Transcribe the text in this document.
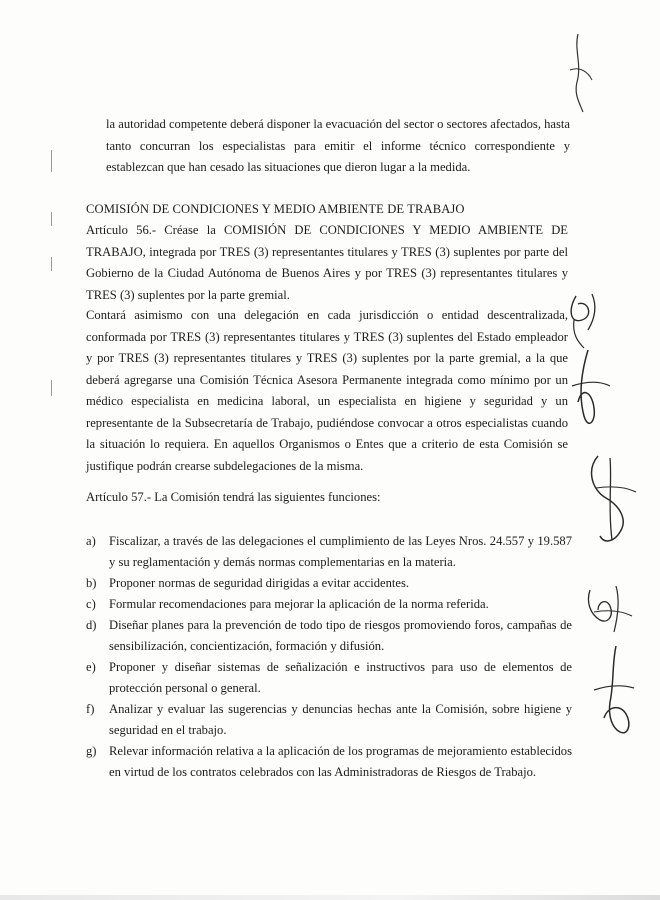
la autoridad competente deberá disponer la evacuación del sector o sectores afectados, hasta tanto concurran los especialistas para emitir el informe técnico correspondiente y establezcan que han cesado las situaciones que dieron lugar a la medida.

COMISIÓN DE CONDICIONES Y MEDIO AMBIENTE DE TRABAJO

Artículo 56.- Créase la COMISIÓN DE CONDICIONES Y MEDIO AMBIENTE DE TRABAJO, integrada por TRES (3) representantes titulares y TRES (3) suplentes por parte del Gobierno de la Ciudad Autónoma de Buenos Aires y por TRES (3) representantes titulares y TRES (3) suplentes por la parte gremial.

Contará asimismo con una delegación en cada jurisdicción o entidad descentralizada, conformada por TRES (3) representantes titulares y TRES (3) suplentes del Estado empleador y por TRES (3) representantes titulares y TRES (3) suplentes por la parte gremial, a la que deberá agregarse una Comisión Técnica Asesora Permanente integrada como mínimo por un médico especialista en medicina laboral, un especialista en higiene y seguridad y un representante de la Subsecretaría de Trabajo, pudiéndose convocar a otros especialistas cuando la situación lo requiera. En aquellos Organismos o Entes que a criterio de esta Comisión se justifique podrán crearse subdelegaciones de la misma.

Artículo 57.- La Comisión tendrá las siguientes funciones:

a)	Fiscalizar, a través de las delegaciones el cumplimiento de las Leyes Nros. 24.557 y 19.587 y su reglamentación y demás normas complementarias en la materia.
b) Proponer normas de seguridad dirigidas a evitar accidentes.
c)	Formular recomendaciones para mejorar la aplicación de la norma referida.
d) Diseñar planes para la prevención de todo tipo de riesgos promoviendo foros, campañas de sensibilización, concientización, formación y difusión.
e)	Proponer y diseñar sistemas de señalización e instructivos para uso de elementos de protección personal o general.
f)	Analizar y evaluar las sugerencias y denuncias hechas ante la Comisión, sobre higiene y seguridad en el trabajo.
g) Relevar información relativa a la aplicación de los programas de mejoramiento establecidos en virtud de los contratos celebrados con las Administradoras de Riesgos de Trabajo.
